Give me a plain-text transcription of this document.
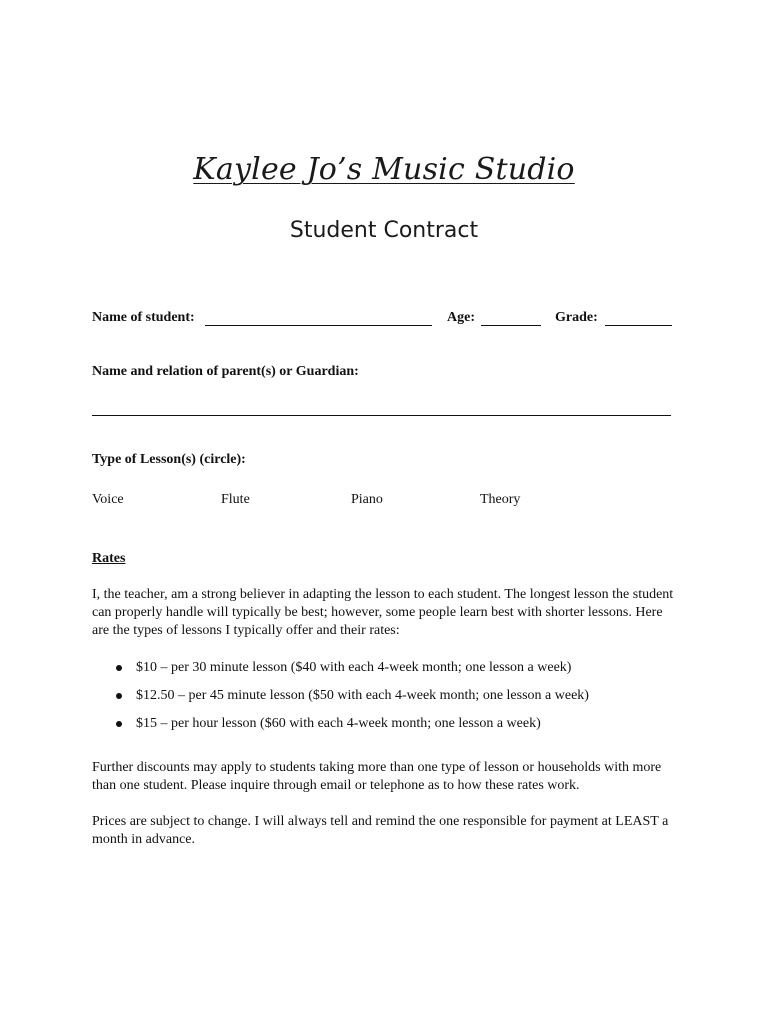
Kaylee Jo’s Music Studio
Student Contract
Name of student:	Age:	Grade:
Name and relation of parent(s) or Guardian:
Type of Lesson(s) (circle):
Voice	Flute	Piano	Theory
Rates
I, the teacher, am a strong believer in adapting the lesson to each student. The longest lesson the student can properly handle will typically be best; however, some people learn best with shorter lessons. Here are the types of lessons I typically offer and their rates:
$10 – per 30 minute lesson ($40 with each 4-week month; one lesson a week)
$12.50 – per 45 minute lesson ($50 with each 4-week month; one lesson a week)
$15 – per hour lesson ($60 with each 4-week month; one lesson a week)
Further discounts may apply to students taking more than one type of lesson or households with more than one student. Please inquire through email or telephone as to how these rates work.
Prices are subject to change. I will always tell and remind the one responsible for payment at LEAST a month in advance.
